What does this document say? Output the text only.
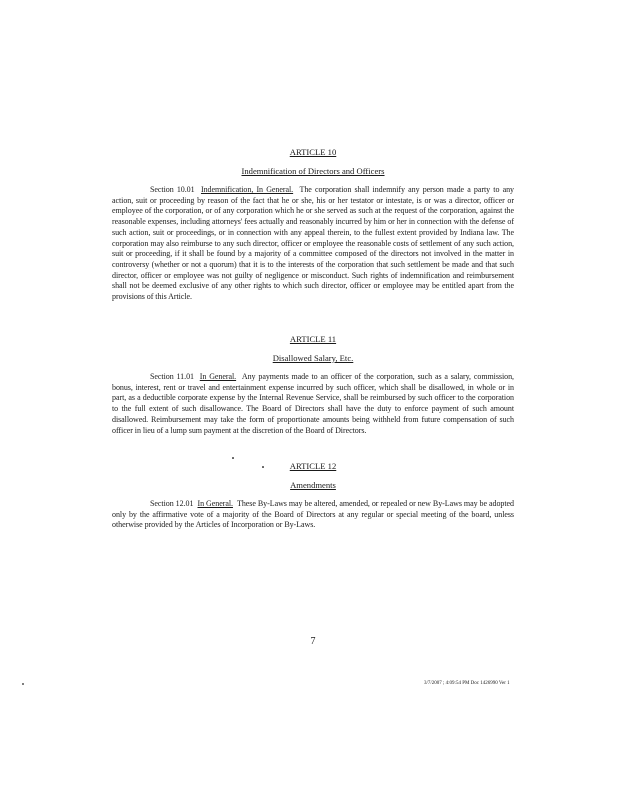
ARTICLE 10

Indemnification of Directors and Officers

Section 10.01 Indemnification, In General. The corporation shall indemnify any person made a party to any action, suit or proceeding by reason of the fact that he or she, his or her testator or intestate, is or was a director, officer or employee of the corporation, or of any corporation which he or she served as such at the request of the corporation, against the reasonable expenses, including attorneys' fees actually and reasonably incurred by him or her in connection with the defense of such action, suit or proceedings, or in connection with any appeal therein, to the fullest extent provided by Indiana law. The corporation may also reimburse to any such director, officer or employee the reasonable costs of settlement of any such action, suit or proceeding, if it shall be found by a majority of a committee composed of the directors not involved in the matter in controversy (whether or not a quorum) that it is to the interests of the corporation that such settlement be made and that such director, officer or employee was not guilty of negligence or misconduct. Such rights of indemnification and reimbursement shall not be deemed exclusive of any other rights to which such director, officer or employee may be entitled apart from the provisions of this Article.

ARTICLE 11

Disallowed Salary, Etc.

Section 11.01 In General. Any payments made to an officer of the corporation, such as a salary, commission, bonus, interest, rent or travel and entertainment expense incurred by such officer, which shall be disallowed, in whole or in part, as a deductible corporate expense by the Internal Revenue Service, shall be reimbursed by such officer to the corporation to the full extent of such disallowance. The Board of Directors shall have the duty to enforce payment of such amount disallowed. Reimbursement may take the form of proportionate amounts being withheld from future compensation of such officer in lieu of a lump sum payment at the discretion of the Board of Directors.

ARTICLE 12

Amendments

Section 12.01 In General. These By-Laws may be altered, amended, or repealed or new By-Laws may be adopted only by the affirmative vote of a majority of the Board of Directors at any regular or special meeting of the board, unless otherwise provided by the Articles of Incorporation or By-Laws.

7
3/7/2007 ; 4:09:54 PM Doc 1426990 Ver 1
